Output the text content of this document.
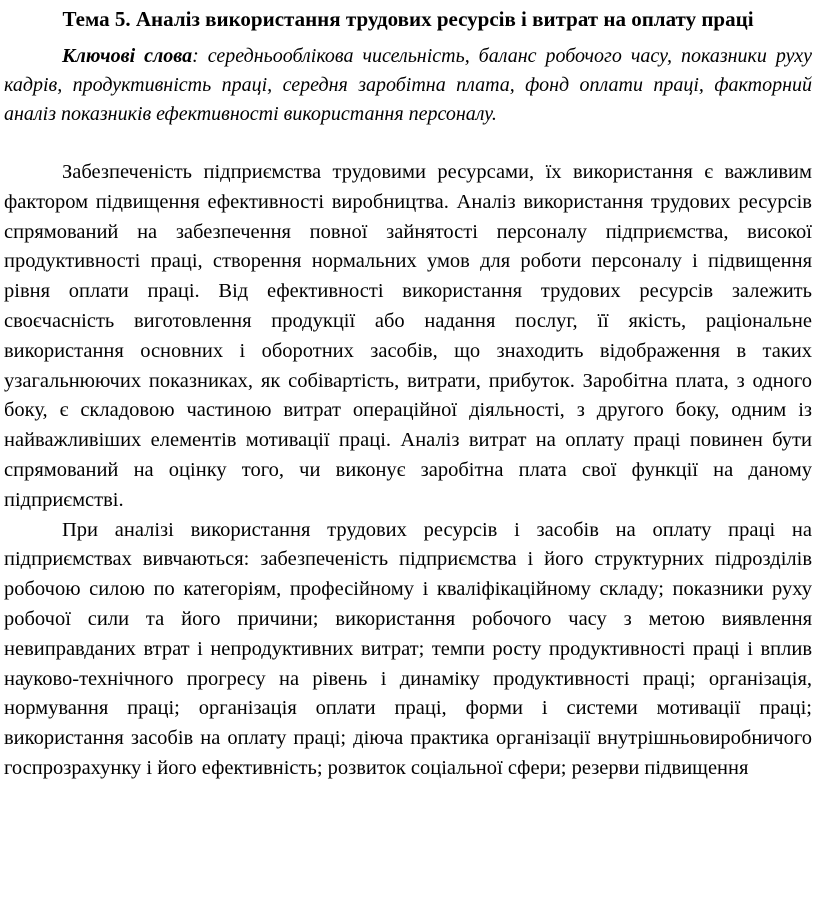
Тема 5. Аналіз використання трудових ресурсів і витрат на оплату праці

Ключові слова: середньооблікова чисельність, баланс робочого часу, показники руху кадрів, продуктивність праці, середня заробітна плата, фонд оплати праці, факторний аналіз показників ефективності використання персоналу.

Забезпеченість підприємства трудовими ресурсами, їх використання є важливим фактором підвищення ефективності виробництва. Аналіз використання трудових ресурсів спрямований на забезпечення повної зайнятості персоналу підприємства, високої продуктивності праці, створення нормальних умов для роботи персоналу і підвищення рівня оплати праці. Від ефективності використання трудових ресурсів залежить своєчасність виготовлення продукції або надання послуг, її якість, раціональне використання основних і оборотних засобів, що знаходить відображення в таких узагальнюючих показниках, як собівартість, витрати, прибуток. Заробітна плата, з одного боку, є складовою частиною витрат операційної діяльності, з другого боку, одним із найважливіших елементів мотивації праці. Аналіз витрат на оплату праці повинен бути спрямований на оцінку того, чи виконує заробітна плата свої функції на даному підприємстві.

При аналізі використання трудових ресурсів і засобів на оплату праці на підприємствах вивчаються: забезпеченість підприємства і його структурних підрозділів робочою силою по категоріям, професійному і кваліфікаційному складу; показники руху робочої сили та його причини; використання робочого часу з метою виявлення невиправданих втрат і непродуктивних витрат; темпи росту продуктивності праці і вплив науково-технічного прогресу на рівень і динаміку продуктивності праці; організація, нормування праці; організація оплати праці, форми і системи мотивації праці; використання засобів на оплату праці; діюча практика організації внутрішньовиробничого госпрозрахунку і його ефективність; розвиток соціальної сфери; резерви підвищення
